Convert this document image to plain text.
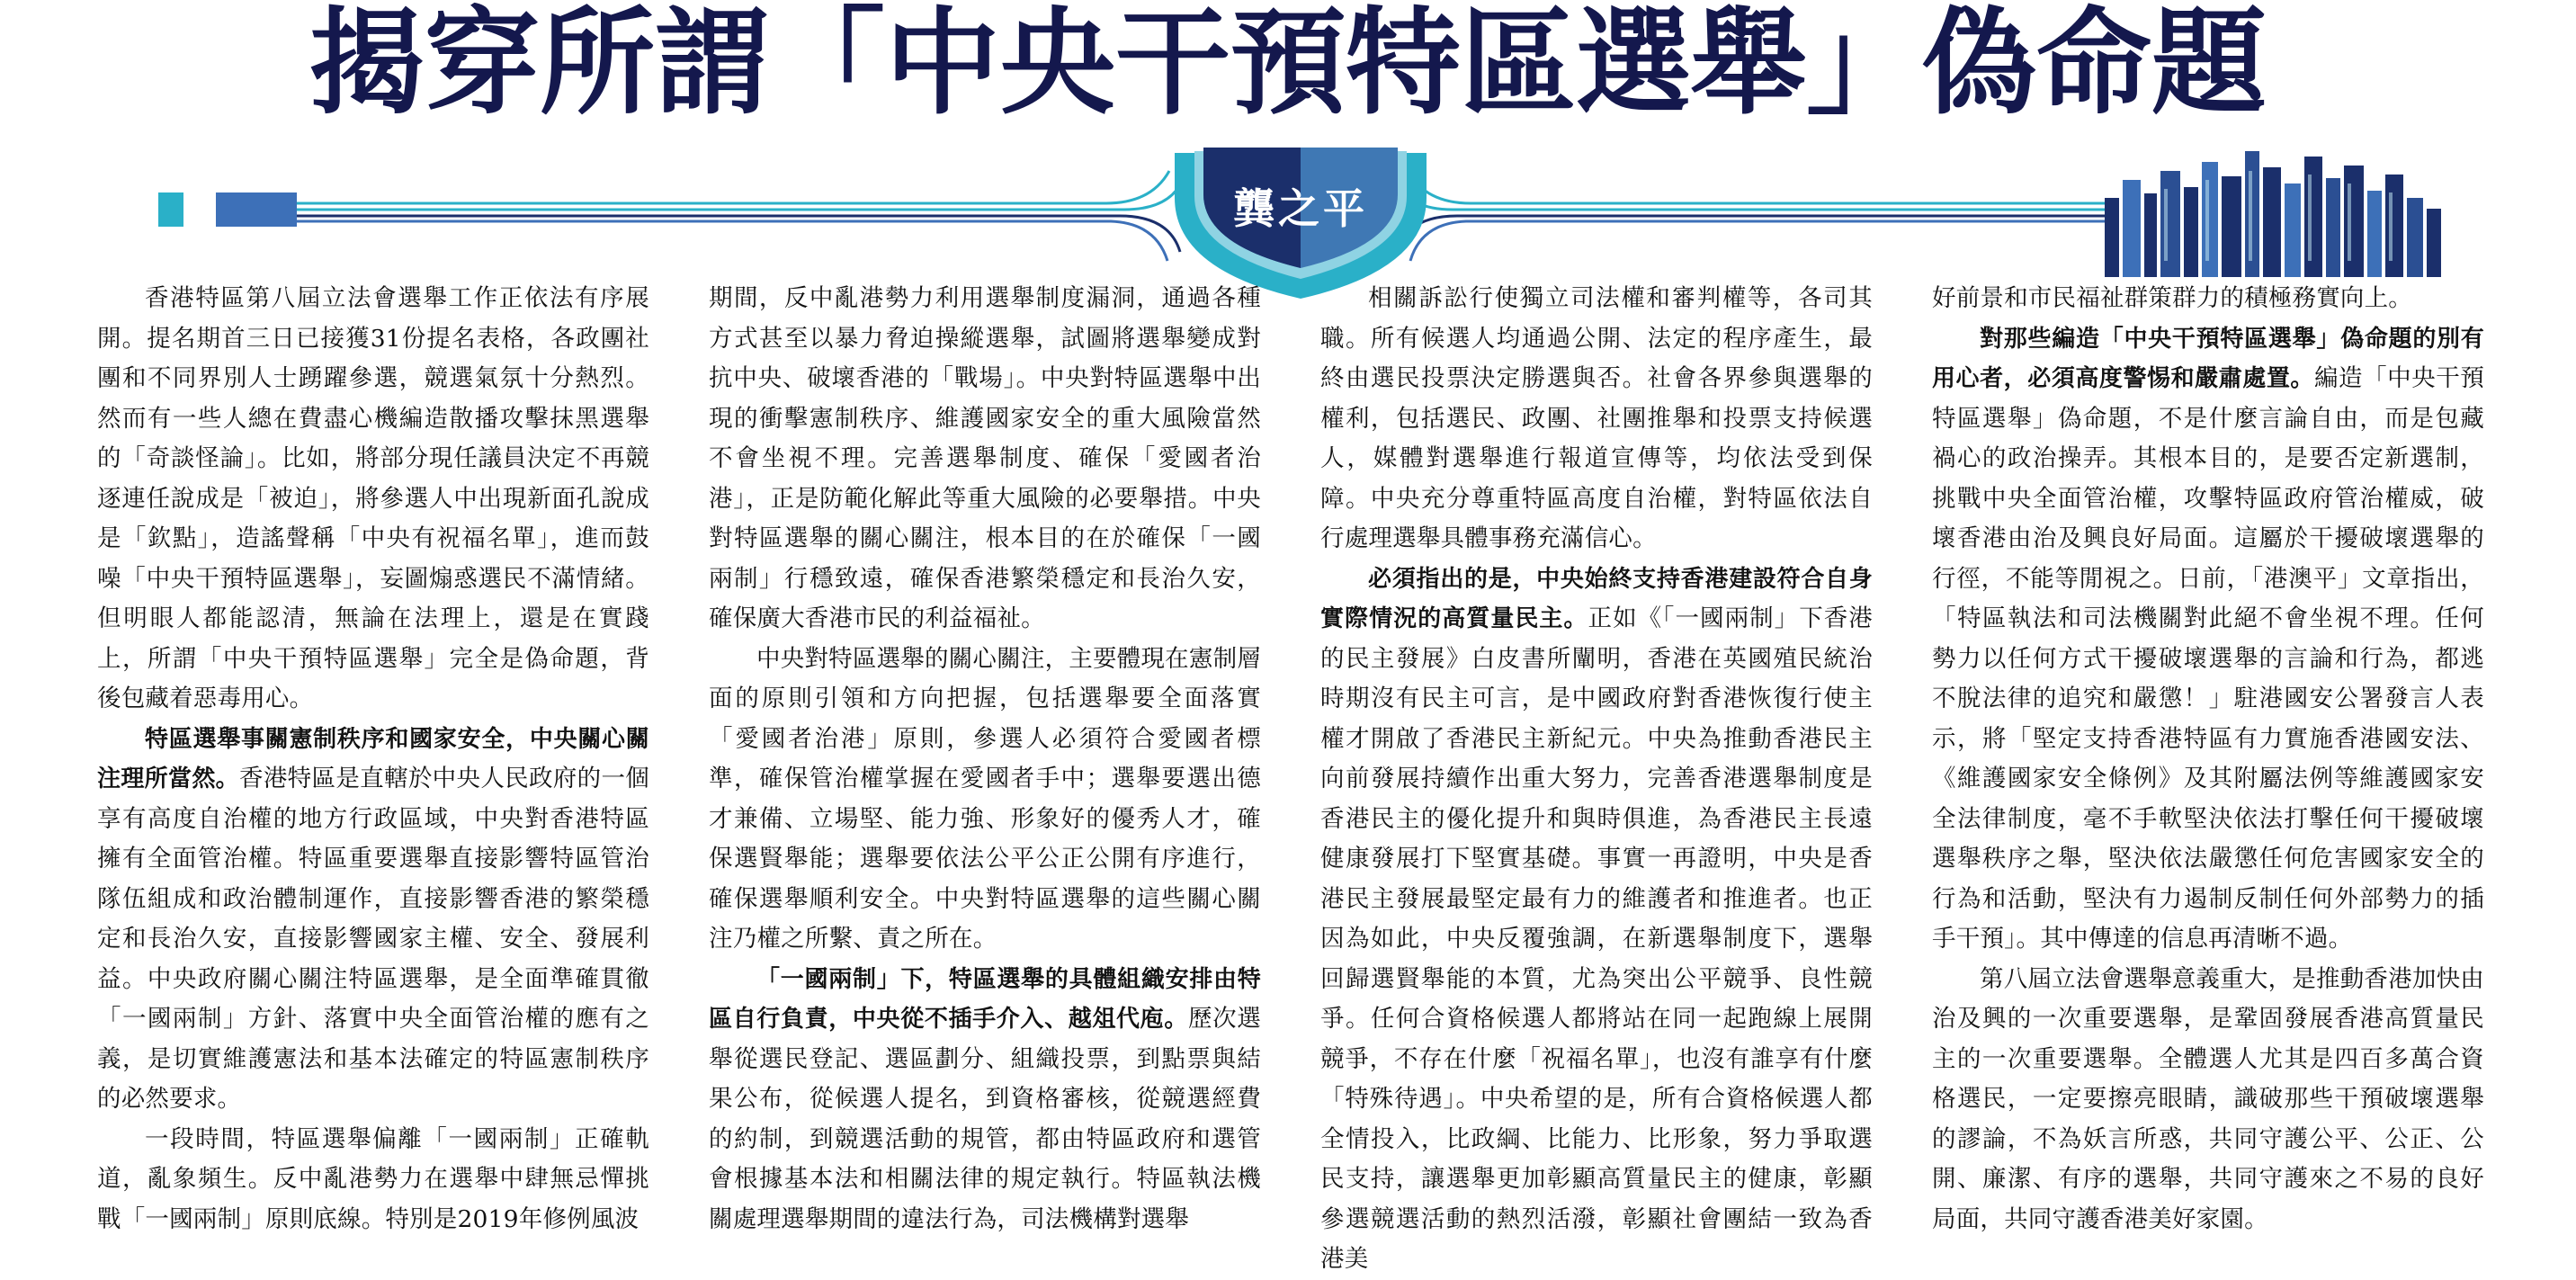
揭穿所謂「中央干預特區選舉」偽命題
龔之平

香港特區第八屆立法會選舉工作正依法有序展開。提名期首三日已接獲31份提名表格，各政團社團和不同界別人士踴躍參選，競選氣氛十分熱烈。然而有一些人總在費盡心機編造散播攻擊抹黑選舉的「奇談怪論」。比如，將部分現任議員決定不再競逐連任說成是「被迫」，將參選人中出現新面孔說成是「欽點」，造謠聲稱「中央有祝福名單」，進而鼓噪「中央干預特區選舉」，妄圖煽惑選民不滿情緒。但明眼人都能認清，無論在法理上，還是在實踐上，所謂「中央干預特區選舉」完全是偽命題，背後包藏着惡毒用心。

特區選舉事關憲制秩序和國家安全，中央關心關注理所當然。香港特區是直轄於中央人民政府的一個享有高度自治權的地方行政區域，中央對香港特區擁有全面管治權。特區重要選舉直接影響特區管治隊伍組成和政治體制運作，直接影響香港的繁榮穩定和長治久安，直接影響國家主權、安全、發展利益。中央政府關心關注特區選舉，是全面準確貫徹「一國兩制」方針、落實中央全面管治權的應有之義，是切實維護憲法和基本法確定的特區憲制秩序的必然要求。

一段時間，特區選舉偏離「一國兩制」正確軌道，亂象頻生。反中亂港勢力在選舉中肆無忌憚挑戰「一國兩制」原則底線。特別是2019年修例風波

期間，反中亂港勢力利用選舉制度漏洞，通過各種方式甚至以暴力脅迫操縱選舉，試圖將選舉變成對抗中央、破壞香港的「戰場」。中央對特區選舉中出現的衝擊憲制秩序、維護國家安全的重大風險當然不會坐視不理。完善選舉制度、確保「愛國者治港」，正是防範化解此等重大風險的必要舉措。中央對特區選舉的關心關注，根本目的在於確保「一國兩制」行穩致遠，確保香港繁榮穩定和長治久安，確保廣大香港市民的利益福祉。

中央對特區選舉的關心關注，主要體現在憲制層面的原則引領和方向把握，包括選舉要全面落實「愛國者治港」原則，參選人必須符合愛國者標準，確保管治權掌握在愛國者手中；選舉要選出德才兼備、立場堅、能力強、形象好的優秀人才，確保選賢舉能；選舉要依法公平公正公開有序進行，確保選舉順利安全。中央對特區選舉的這些關心關注乃權之所繫、責之所在。

「一國兩制」下，特區選舉的具體組織安排由特區自行負責，中央從不插手介入、越俎代庖。歷次選舉從選民登記、選區劃分、組織投票，到點票與結果公布，從候選人提名，到資格審核，從競選經費的約制，到競選活動的規管，都由特區政府和選管會根據基本法和相關法律的規定執行。特區執法機關處理選舉期間的違法行為，司法機構對選舉

相關訴訟行使獨立司法權和審判權等，各司其職。所有候選人均通過公開、法定的程序產生，最終由選民投票決定勝選與否。社會各界參與選舉的權利，包括選民、政團、社團推舉和投票支持候選人，媒體對選舉進行報道宣傳等，均依法受到保障。中央充分尊重特區高度自治權，對特區依法自行處理選舉具體事務充滿信心。

必須指出的是，中央始終支持香港建設符合自身實際情況的高質量民主。正如《「一國兩制」下香港的民主發展》白皮書所闡明，香港在英國殖民統治時期沒有民主可言，是中國政府對香港恢復行使主權才開啟了香港民主新紀元。中央為推動香港民主向前發展持續作出重大努力，完善香港選舉制度是香港民主的優化提升和與時俱進，為香港民主長遠健康發展打下堅實基礎。事實一再證明，中央是香港民主發展最堅定最有力的維護者和推進者。也正因為如此，中央反覆強調，在新選舉制度下，選舉回歸選賢舉能的本質，尤為突出公平競爭、良性競爭。任何合資格候選人都將站在同一起跑線上展開競爭，不存在什麼「祝福名單」，也沒有誰享有什麼「特殊待遇」。中央希望的是，所有合資格候選人都全情投入，比政綱、比能力、比形象，努力爭取選民支持，讓選舉更加彰顯高質量民主的健康，彰顯參選競選活動的熱烈活潑，彰顯社會團結一致為香港美

好前景和市民福祉群策群力的積極務實向上。

對那些編造「中央干預特區選舉」偽命題的別有用心者，必須高度警惕和嚴肅處置。編造「中央干預特區選舉」偽命題，不是什麼言論自由，而是包藏禍心的政治操弄。其根本目的，是要否定新選制，挑戰中央全面管治權，攻擊特區政府管治權威，破壞香港由治及興良好局面。這屬於干擾破壞選舉的行徑，不能等閒視之。日前，「港澳平」文章指出，「特區執法和司法機關對此絕不會坐視不理。任何勢力以任何方式干擾破壞選舉的言論和行為，都逃不脫法律的追究和嚴懲！」駐港國安公署發言人表示，將「堅定支持香港特區有力實施香港國安法、《維護國家安全條例》及其附屬法例等維護國家安全法律制度，毫不手軟堅決依法打擊任何干擾破壞選舉秩序之舉，堅決依法嚴懲任何危害國家安全的行為和活動，堅決有力遏制反制任何外部勢力的插手干預」。其中傳達的信息再清晰不過。

第八屆立法會選舉意義重大，是推動香港加快由治及興的一次重要選舉，是鞏固發展香港高質量民主的一次重要選舉。全體選人尤其是四百多萬合資格選民，一定要擦亮眼睛，識破那些干預破壞選舉的謬論，不為妖言所惑，共同守護公平、公正、公開、廉潔、有序的選舉，共同守護來之不易的良好局面，共同守護香港美好家園。
